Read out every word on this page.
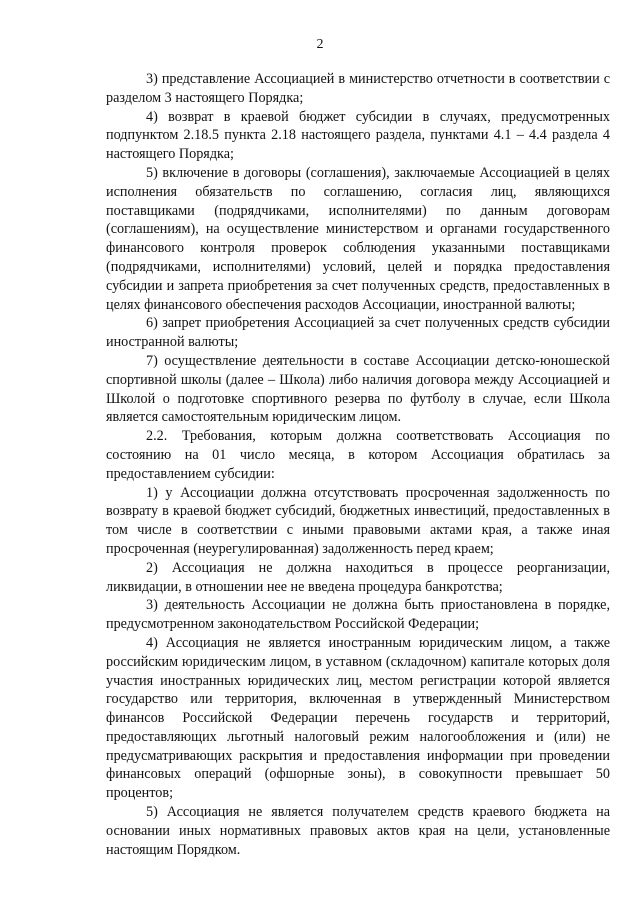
2

3) представление Ассоциацией в министерство отчетности в соответствии с разделом 3 настоящего Порядка;

4) возврат в краевой бюджет субсидии в случаях, предусмотренных подпунктом 2.18.5 пункта 2.18 настоящего раздела, пунктами 4.1 – 4.4 раздела 4 настоящего Порядка;

5) включение в договоры (соглашения), заключаемые Ассоциацией в целях исполнения обязательств по соглашению, согласия лиц, являющихся поставщиками (подрядчиками, исполнителями) по данным договорам (соглашениям), на осуществление министерством и органами государственного финансового контроля проверок соблюдения указанными поставщиками (подрядчиками, исполнителями) условий, целей и порядка предоставления субсидии и запрета приобретения за счет полученных средств, предоставленных в целях финансового обеспечения расходов Ассоциации, иностранной валюты;

6) запрет приобретения Ассоциацией за счет полученных средств субсидии иностранной валюты;

7) осуществление деятельности в составе Ассоциации детско-юношеской спортивной школы (далее – Школа) либо наличия договора между Ассоциацией и Школой о подготовке спортивного резерва по футболу в случае, если Школа является самостоятельным юридическим лицом.

2.2. Требования, которым должна соответствовать Ассоциация по состоянию на 01 число месяца, в котором Ассоциация обратилась за предоставлением субсидии:

1) у Ассоциации должна отсутствовать просроченная задолженность по возврату в краевой бюджет субсидий, бюджетных инвестиций, предоставленных в том числе в соответствии с иными правовыми актами края, а также иная просроченная (неурегулированная) задолженность перед краем;

2) Ассоциация не должна находиться в процессе реорганизации, ликвидации, в отношении нее не введена процедура банкротства;

3) деятельность Ассоциации не должна быть приостановлена в порядке, предусмотренном законодательством Российской Федерации;

4) Ассоциация не является иностранным юридическим лицом, а также российским юридическим лицом, в уставном (складочном) капитале которых доля участия иностранных юридических лиц, местом регистрации которой является государство или территория, включенная в утвержденный Министерством финансов Российской Федерации перечень государств и территорий, предоставляющих льготный налоговый режим налогообложения и (или) не предусматривающих раскрытия и предоставления информации при проведении финансовых операций (офшорные зоны), в совокупности превышает 50 процентов;

5) Ассоциация не является получателем средств краевого бюджета на основании иных нормативных правовых актов края на цели, установленные настоящим Порядком.
